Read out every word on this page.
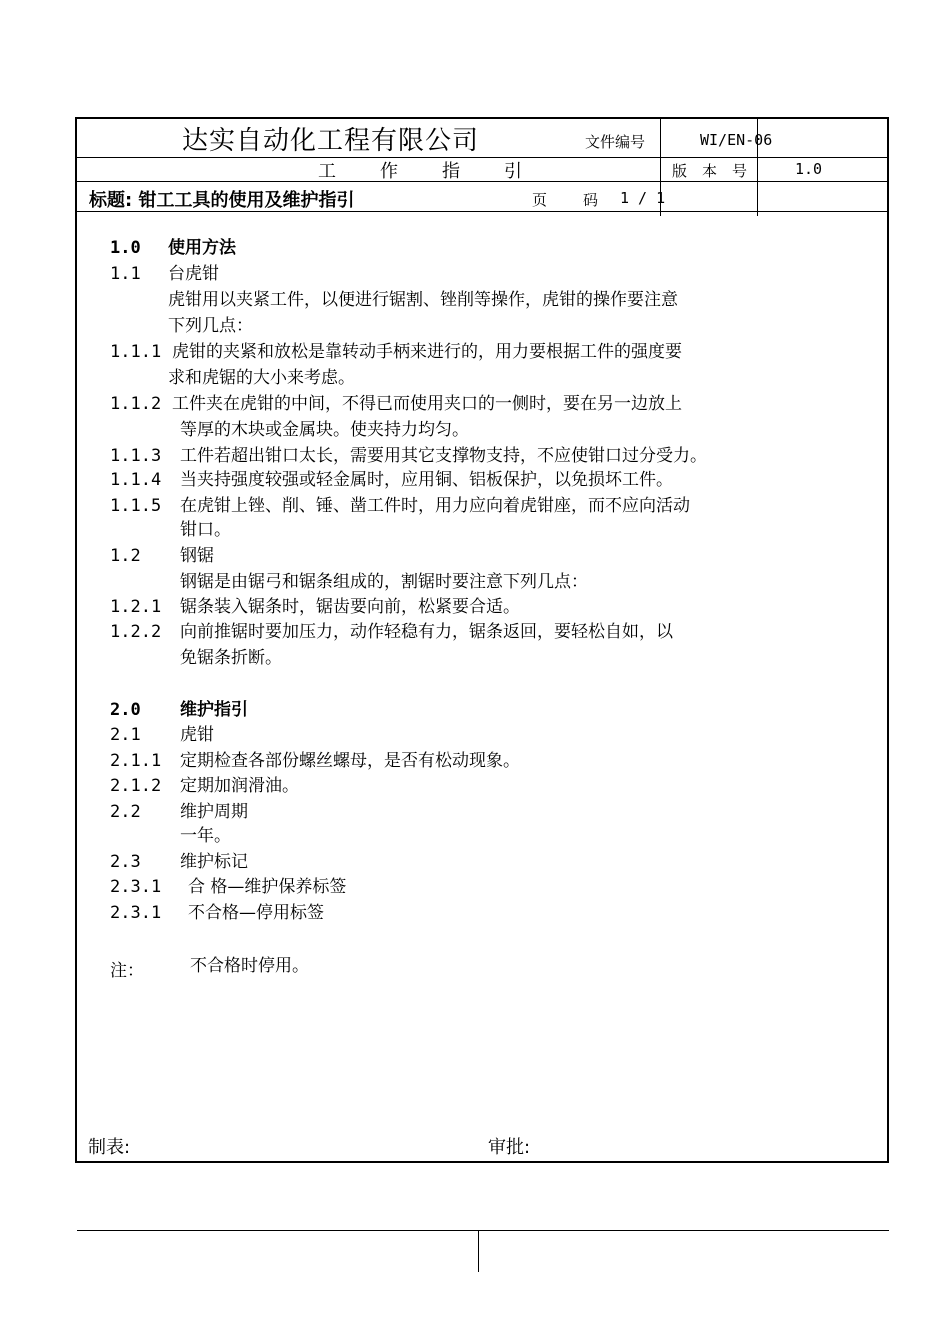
达实自动化工程有限公司
工 作 指 引
文件编号	WI/EN-06
版 本 号	1.0
标题: 钳工工具的使用及维护指引	页  码 1 / 1
1.0 使用方法
1.1 台虎钳
虎钳用以夹紧工件，以便进行锯割、锉削等操作，虎钳的操作要注意
下列几点：
1.1.1 虎钳的夹紧和放松是靠转动手柄来进行的，用力要根据工件的强度要
求和虎锯的大小来考虑。
1.1.2 工件夹在虎钳的中间，不得已而使用夹口的一侧时，要在另一边放上
等厚的木块或金属块。使夹持力均匀。
1.1.3 工件若超出钳口太长，需要用其它支撑物支持，不应使钳口过分受力。
1.1.4 当夹持强度较强或轻金属时，应用铜、铝板保护，以免损坏工件。
1.1.5 在虎钳上锉、削、锤、凿工件时，用力应向着虎钳座，而不应向活动
钳口。
1.2 钢锯
钢锯是由锯弓和锯条组成的，割锯时要注意下列几点：
1.2.1 锯条装入锯条时，锯齿要向前，松紧要合适。
1.2.2 向前推锯时要加压力，动作轻稳有力，锯条返回，要轻松自如，以
免锯条折断。
2.0 维护指引
2.1 虎钳
2.1.1 定期检查各部份螺丝螺母，是否有松动现象。
2.1.2 定期加润滑油。
2.2 维护周期
一年。
2.3 维护标记
2.3.1 合 格—维护保养标签
2.3.1 不合格—停用标签
注：	不合格时停用。
制表:	审批:
